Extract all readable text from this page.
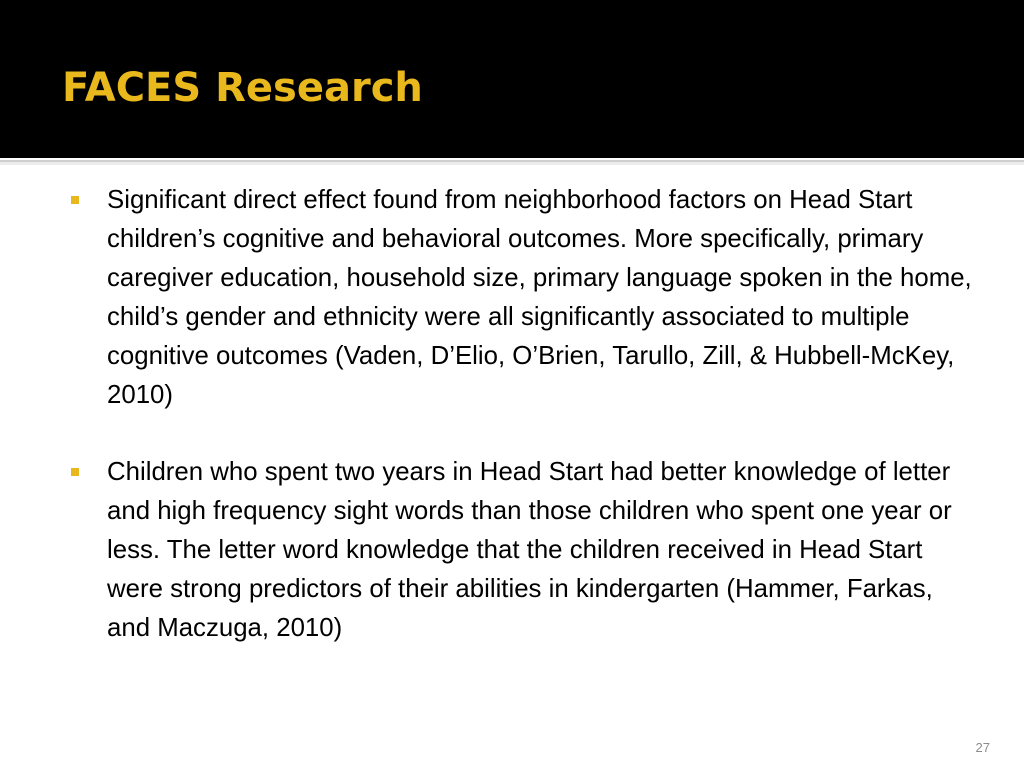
FACES Research
Significant direct effect found from neighborhood factors on Head Start children’s cognitive and behavioral outcomes. More specifically, primary caregiver education, household size, primary language spoken in the home, child’s gender and ethnicity were all significantly associated to multiple cognitive outcomes (Vaden, D’Elio, O’Brien, Tarullo, Zill, & Hubbell-McKey, 2010)
Children who spent two years in Head Start had better knowledge of letter and high frequency sight words than those children who spent one year or less. The letter word knowledge that the children received in Head Start were strong predictors of their abilities in kindergarten (Hammer, Farkas, and Maczuga, 2010)
27
